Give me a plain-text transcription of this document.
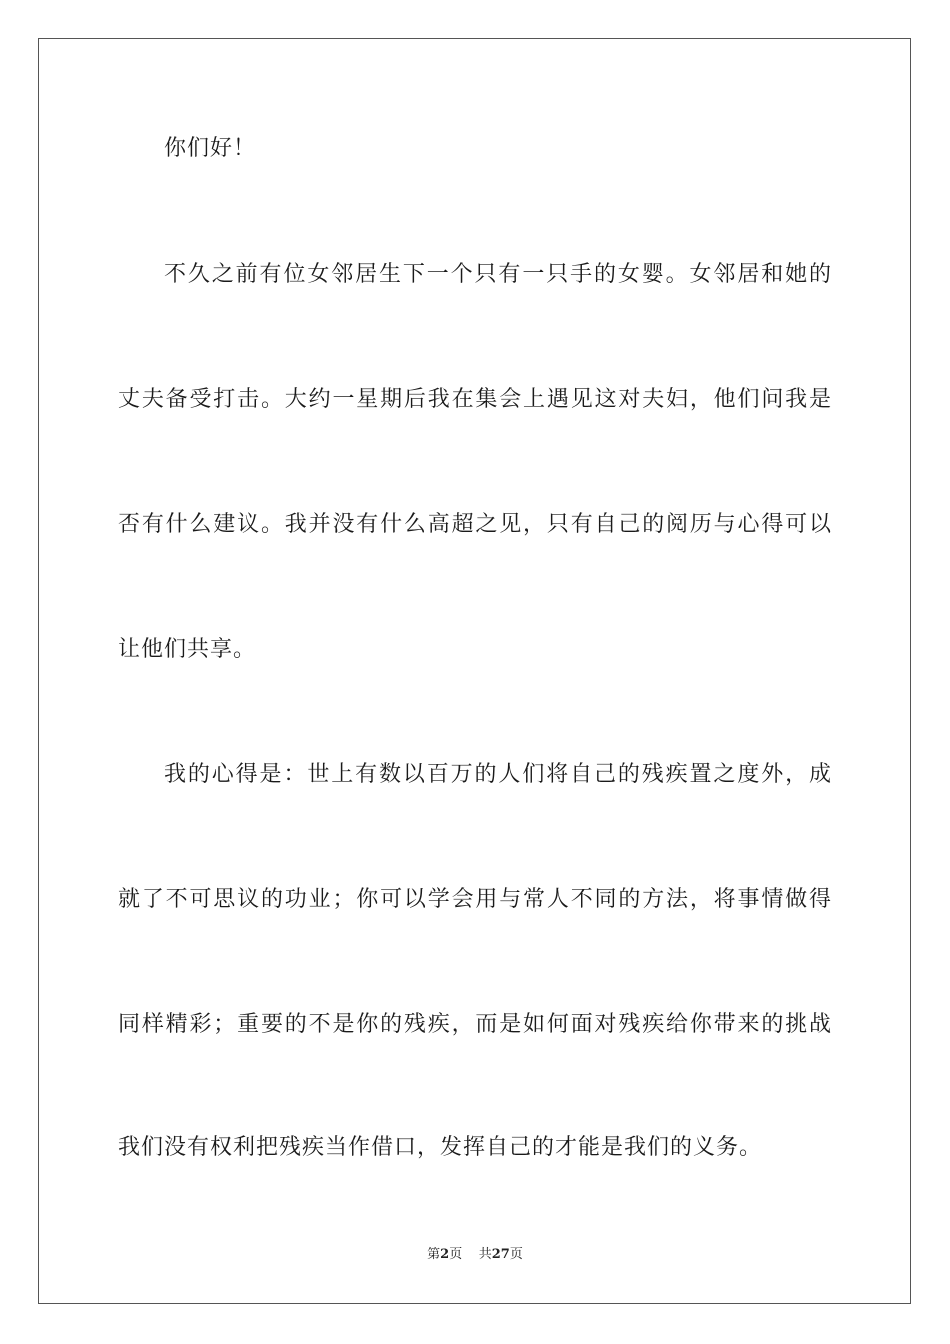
你们好！
不久之前有位女邻居生下一个只有一只手的女婴。女邻居和她的
丈夫备受打击。大约一星期后我在集会上遇见这对夫妇，他们问我是
否有什么建议。我并没有什么高超之见，只有自己的阅历与心得可以
让他们共享。
我的心得是：世上有数以百万的人们将自己的残疾置之度外，成
就了不可思议的功业；你可以学会用与常人不同的方法，将事情做得
同样精彩；重要的不是你的残疾，而是如何面对残疾给你带来的挑战
我们没有权利把残疾当作借口，发挥自己的才能是我们的义务。
第2页 共27页
